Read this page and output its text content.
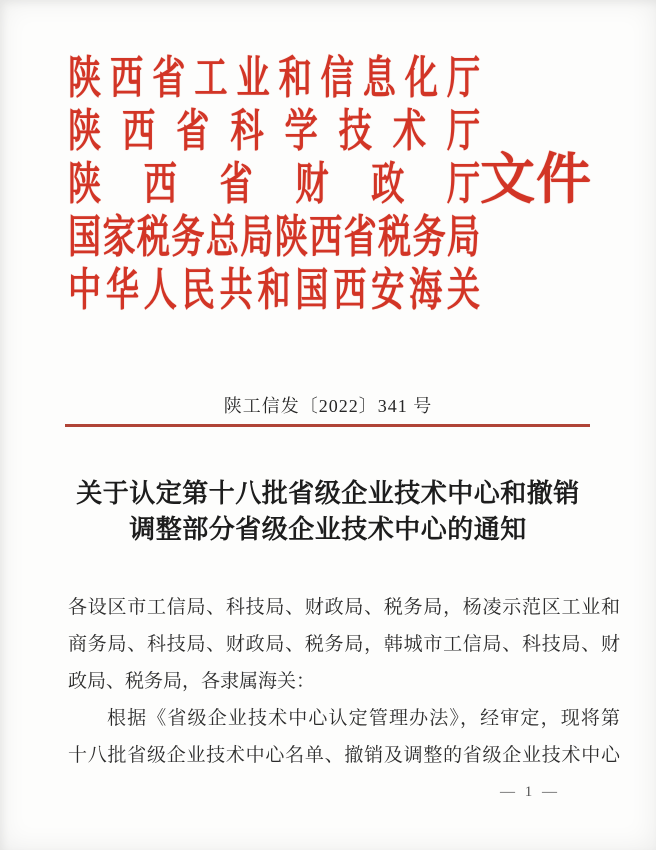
陕西省工业和信息化厅
陕西省科学技术厅
陕西省财政厅
国家税务总局陕西省税务局
中华人民共和国西安海关
文件
陕工信发〔2022〕341 号
关于认定第十八批省级企业技术中心和撤销
调整部分省级企业技术中心的通知
各设区市工信局、科技局、财政局、税务局，杨凌示范区工业和
商务局、科技局、财政局、税务局，韩城市工信局、科技局、财
政局、税务局，各隶属海关：
根据《省级企业技术中心认定管理办法》，经审定，现将第
十八批省级企业技术中心名单、撤销及调整的省级企业技术中心
— 1 —
